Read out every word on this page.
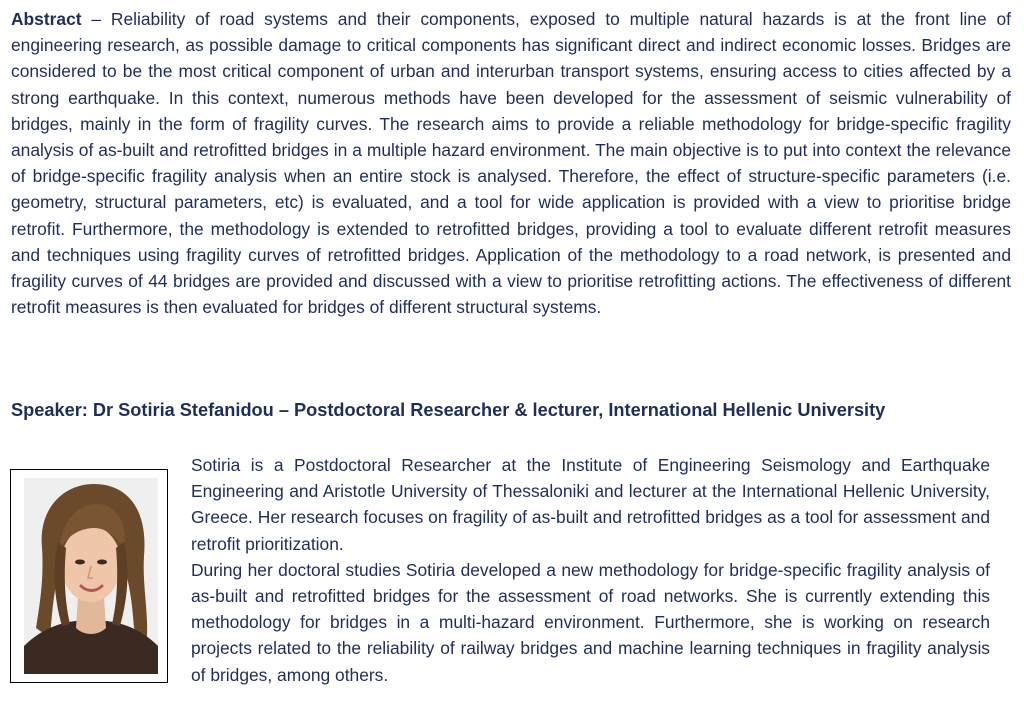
Abstract – Reliability of road systems and their components, exposed to multiple natural hazards is at the front line of engineering research, as possible damage to critical components has significant direct and indirect economic losses. Bridges are considered to be the most critical component of urban and interurban transport systems, ensuring access to cities affected by a strong earthquake. In this context, numerous methods have been developed for the assessment of seismic vulnerability of bridges, mainly in the form of fragility curves. The research aims to provide a reliable methodology for bridge-specific fragility analysis of as-built and retrofitted bridges in a multiple hazard environment. The main objective is to put into context the relevance of bridge-specific fragility analysis when an entire stock is analysed. Therefore, the effect of structure-specific parameters (i.e. geometry, structural parameters, etc) is evaluated, and a tool for wide application is provided with a view to prioritise bridge retrofit. Furthermore, the methodology is extended to retrofitted bridges, providing a tool to evaluate different retrofit measures and techniques using fragility curves of retrofitted bridges. Application of the methodology to a road network, is presented and fragility curves of 44 bridges are provided and discussed with a view to prioritise retrofitting actions. The effectiveness of different retrofit measures is then evaluated for bridges of different structural systems.

Speaker: Dr Sotiria Stefanidou – Postdoctoral Researcher & lecturer, International Hellenic University

Sotiria is a Postdoctoral Researcher at the Institute of Engineering Seismology and Earthquake Engineering and Aristotle University of Thessaloniki and lecturer at the International Hellenic University, Greece. Her research focuses on fragility of as-built and retrofitted bridges as a tool for assessment and retrofit prioritization.

During her doctoral studies Sotiria developed a new methodology for bridge-specific fragility analysis of as-built and retrofitted bridges for the assessment of road networks. She is currently extending this methodology for bridges in a multi-hazard environment. Furthermore, she is working on research projects related to the reliability of railway bridges and machine learning techniques in fragility analysis of bridges, among others.
